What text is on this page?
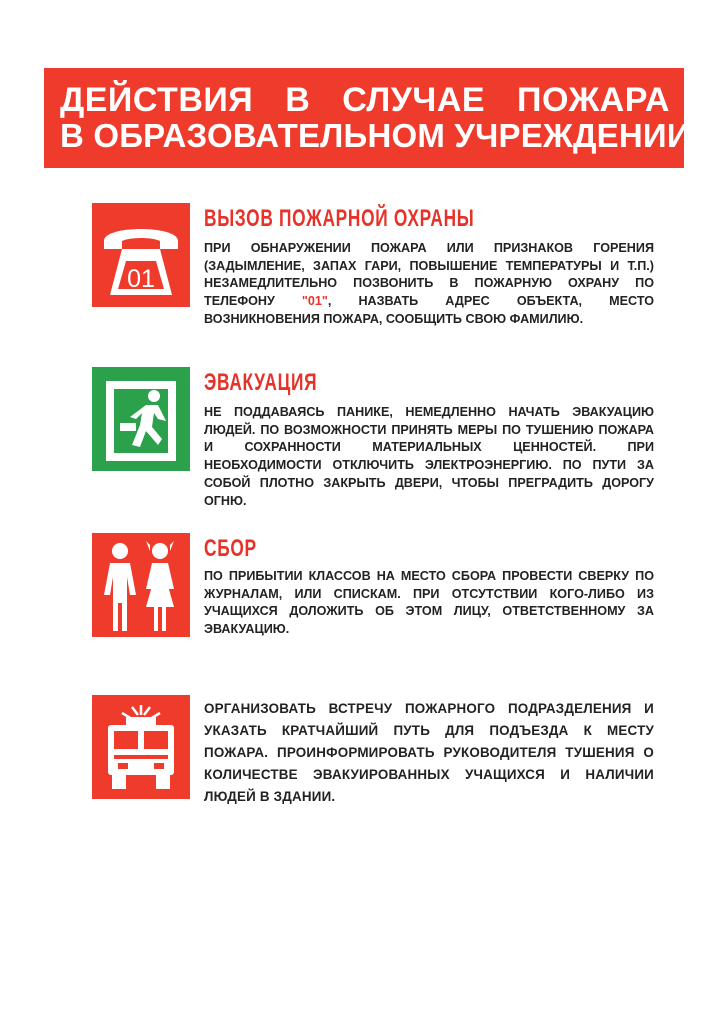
ДЕЙСТВИЯ В СЛУЧАЕ ПОЖАРА
В ОБРАЗОВАТЕЛЬНОМ УЧРЕЖДЕНИИ
01
ВЫЗОВ ПОЖАРНОЙ ОХРАНЫ
ПРИ ОБНАРУЖЕНИИ ПОЖАРА ИЛИ ПРИЗНАКОВ ГОРЕНИЯ (ЗАДЫМЛЕНИЕ, ЗАПАХ ГАРИ, ПОВЫШЕНИЕ ТЕМПЕРАТУРЫ И Т.П.) НЕЗАМЕДЛИТЕЛЬНО ПОЗВОНИТЬ В ПОЖАРНУЮ ОХРАНУ ПО ТЕЛЕФОНУ "01", НАЗВАТЬ АДРЕС ОБЪЕКТА, МЕСТО ВОЗНИКНОВЕНИЯ ПОЖАРА, СООБЩИТЬ СВОЮ ФАМИЛИЮ.
ЭВАКУАЦИЯ
НЕ ПОДДАВАЯСЬ ПАНИКЕ, НЕМЕДЛЕННО НАЧАТЬ ЭВАКУАЦИЮ ЛЮДЕЙ. ПО ВОЗМОЖНОСТИ ПРИНЯТЬ МЕРЫ ПО ТУШЕНИЮ ПОЖАРА И СОХРАННОСТИ МАТЕРИАЛЬНЫХ ЦЕННОСТЕЙ. ПРИ НЕОБХОДИМОСТИ ОТКЛЮЧИТЬ ЭЛЕКТРОЭНЕРГИЮ. ПО ПУТИ ЗА СОБОЙ ПЛОТНО ЗАКРЫТЬ ДВЕРИ, ЧТОБЫ ПРЕГРАДИТЬ ДОРОГУ ОГНЮ.
СБОР
ПО ПРИБЫТИИ КЛАССОВ НА МЕСТО СБОРА ПРОВЕСТИ СВЕРКУ ПО ЖУРНАЛАМ, ИЛИ СПИСКАМ. ПРИ ОТСУТСТВИИ КОГО-ЛИБО ИЗ УЧАЩИХСЯ ДОЛОЖИТЬ ОБ ЭТОМ ЛИЦУ, ОТВЕТСТВЕННОМУ ЗА ЭВАКУАЦИЮ.
ОРГАНИЗОВАТЬ ВСТРЕЧУ ПОЖАРНОГО ПОДРАЗДЕЛЕНИЯ И УКАЗАТЬ КРАТЧАЙШИЙ ПУТЬ ДЛЯ ПОДЪЕЗДА К МЕСТУ ПОЖАРА. ПРОИНФОРМИРОВАТЬ РУКОВОДИТЕЛЯ ТУШЕНИЯ О КОЛИЧЕСТВЕ ЭВАКУИРОВАННЫХ УЧАЩИХСЯ И НАЛИЧИИ ЛЮДЕЙ В ЗДАНИИ.
